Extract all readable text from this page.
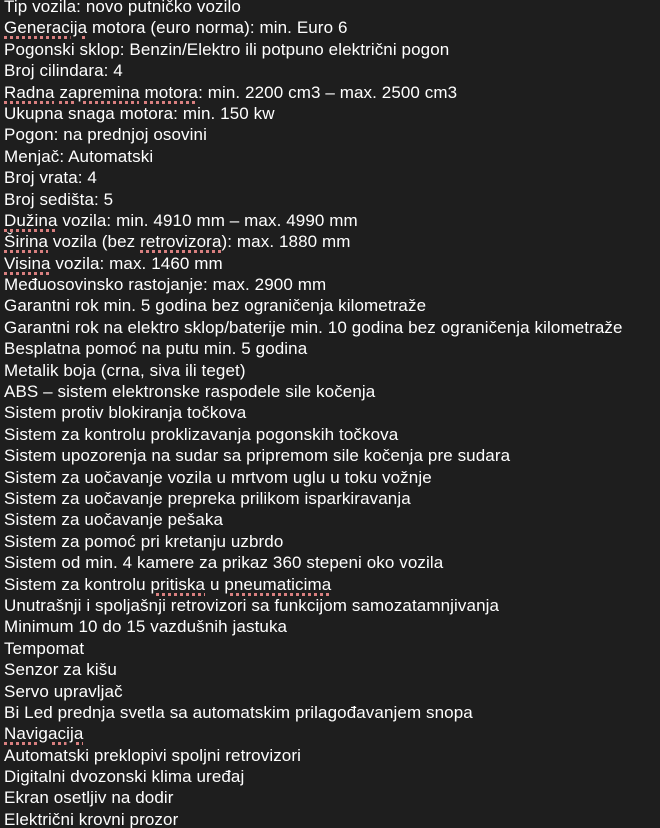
Tip vozila: novo putničko vozilo
Generacija motora (euro norma): min. Euro 6
Pogonski sklop: Benzin/Elektro ili potpuno električni pogon
Broj cilindara: 4
Radna zapremina motora: min. 2200 cm3 – max. 2500 cm3
Ukupna snaga motora: min. 150 kw
Pogon: na prednjoj osovini
Menjač: Automatski
Broj vrata: 4
Broj sedišta: 5
Dužina vozila: min. 4910 mm – max. 4990 mm
Širina vozila (bez retrovizora): max. 1880 mm
Visina vozila: max. 1460 mm
Međuosovinsko rastojanje: max. 2900 mm
Garantni rok min. 5 godina bez ograničenja kilometraže
Garantni rok na elektro sklop/baterije min. 10 godina bez ograničenja kilometraže
Besplatna pomoć na putu min. 5 godina
Metalik boja (crna, siva ili teget)
ABS – sistem elektronske raspodele sile kočenja
Sistem protiv blokiranja točkova
Sistem za kontrolu proklizavanja pogonskih točkova
Sistem upozorenja na sudar sa pripremom sile kočenja pre sudara
Sistem za uočavanje vozila u mrtvom uglu u toku vožnje
Sistem za uočavanje prepreka prilikom isparkiravanja
Sistem za uočavanje pešaka
Sistem za pomoć pri kretanju uzbrdo
Sistem od min. 4 kamere za prikaz 360 stepeni oko vozila
Sistem za kontrolu pritiska u pneumaticima
Unutrašnji i spoljašnji retrovizori sa funkcijom samozatamnjivanja
Minimum 10 do 15 vazdušnih jastuka
Tempomat
Senzor za kišu
Servo upravljač
Bi Led prednja svetla sa automatskim prilagođavanjem snopa
Navigacija
Automatski preklopivi spoljni retrovizori
Digitalni dvozonski klima uređaj
Ekran osetljiv na dodir
Električni krovni prozor
